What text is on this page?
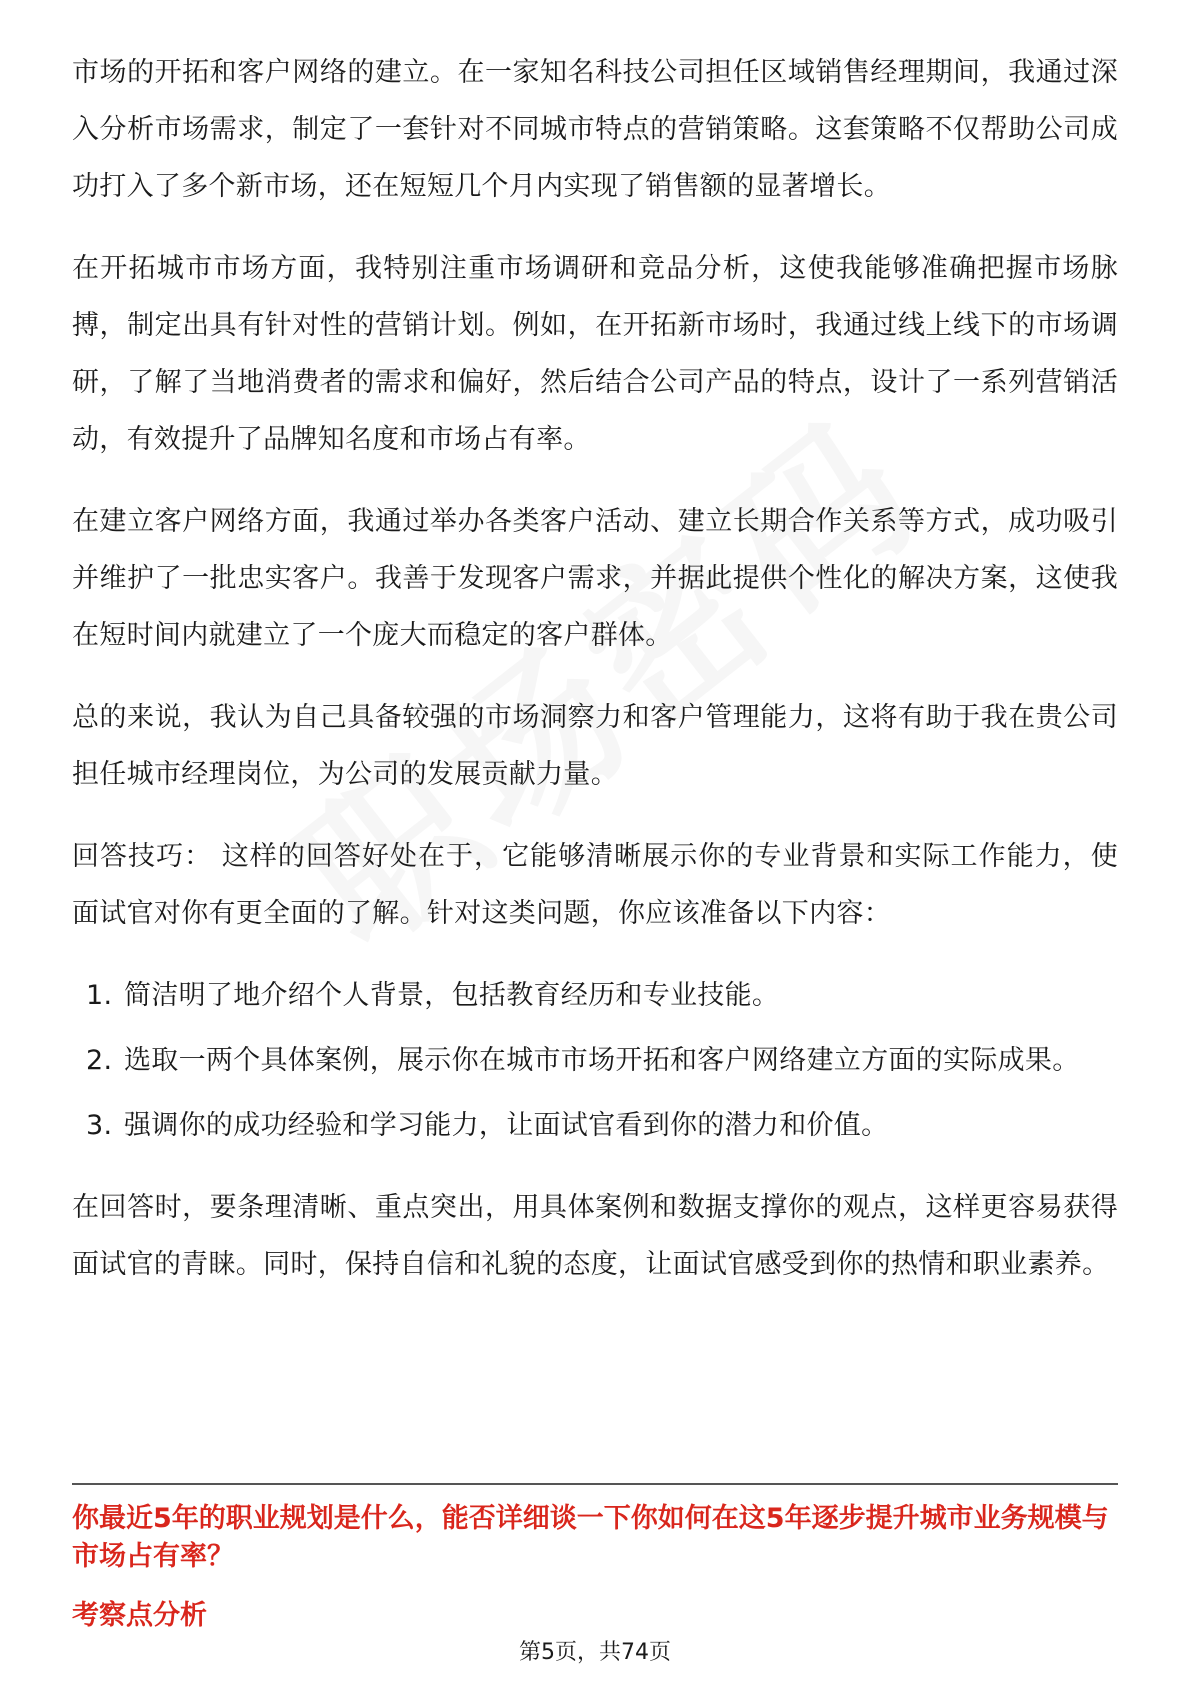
市场的开拓和客户网络的建立。在一家知名科技公司担任区域销售经理期间，我通过深入分析市场需求，制定了一套针对不同城市特点的营销策略。这套策略不仅帮助公司成功打入了多个新市场，还在短短几个月内实现了销售额的显著增长。

在开拓城市市场方面，我特别注重市场调研和竞品分析，这使我能够准确把握市场脉搏，制定出具有针对性的营销计划。例如，在开拓新市场时，我通过线上线下的市场调研，了解了当地消费者的需求和偏好，然后结合公司产品的特点，设计了一系列营销活动，有效提升了品牌知名度和市场占有率。

在建立客户网络方面，我通过举办各类客户活动、建立长期合作关系等方式，成功吸引并维护了一批忠实客户。我善于发现客户需求，并据此提供个性化的解决方案，这使我在短时间内就建立了一个庞大而稳定的客户群体。

总的来说，我认为自己具备较强的市场洞察力和客户管理能力，这将有助于我在贵公司担任城市经理岗位，为公司的发展贡献力量。

回答技巧： 这样的回答好处在于，它能够清晰展示你的专业背景和实际工作能力，使面试官对你有更全面的了解。针对这类问题，你应该准备以下内容：

1. 简洁明了地介绍个人背景，包括教育经历和专业技能。
2. 选取一两个具体案例，展示你在城市市场开拓和客户网络建立方面的实际成果。
3. 强调你的成功经验和学习能力，让面试官看到你的潜力和价值。

在回答时，要条理清晰、重点突出，用具体案例和数据支撑你的观点，这样更容易获得面试官的青睐。同时，保持自信和礼貌的态度，让面试官感受到你的热情和职业素养。

你最近5年的职业规划是什么，能否详细谈一下你如何在这5年逐步提升城市业务规模与市场占有率？

考察点分析

第5页，共74页
